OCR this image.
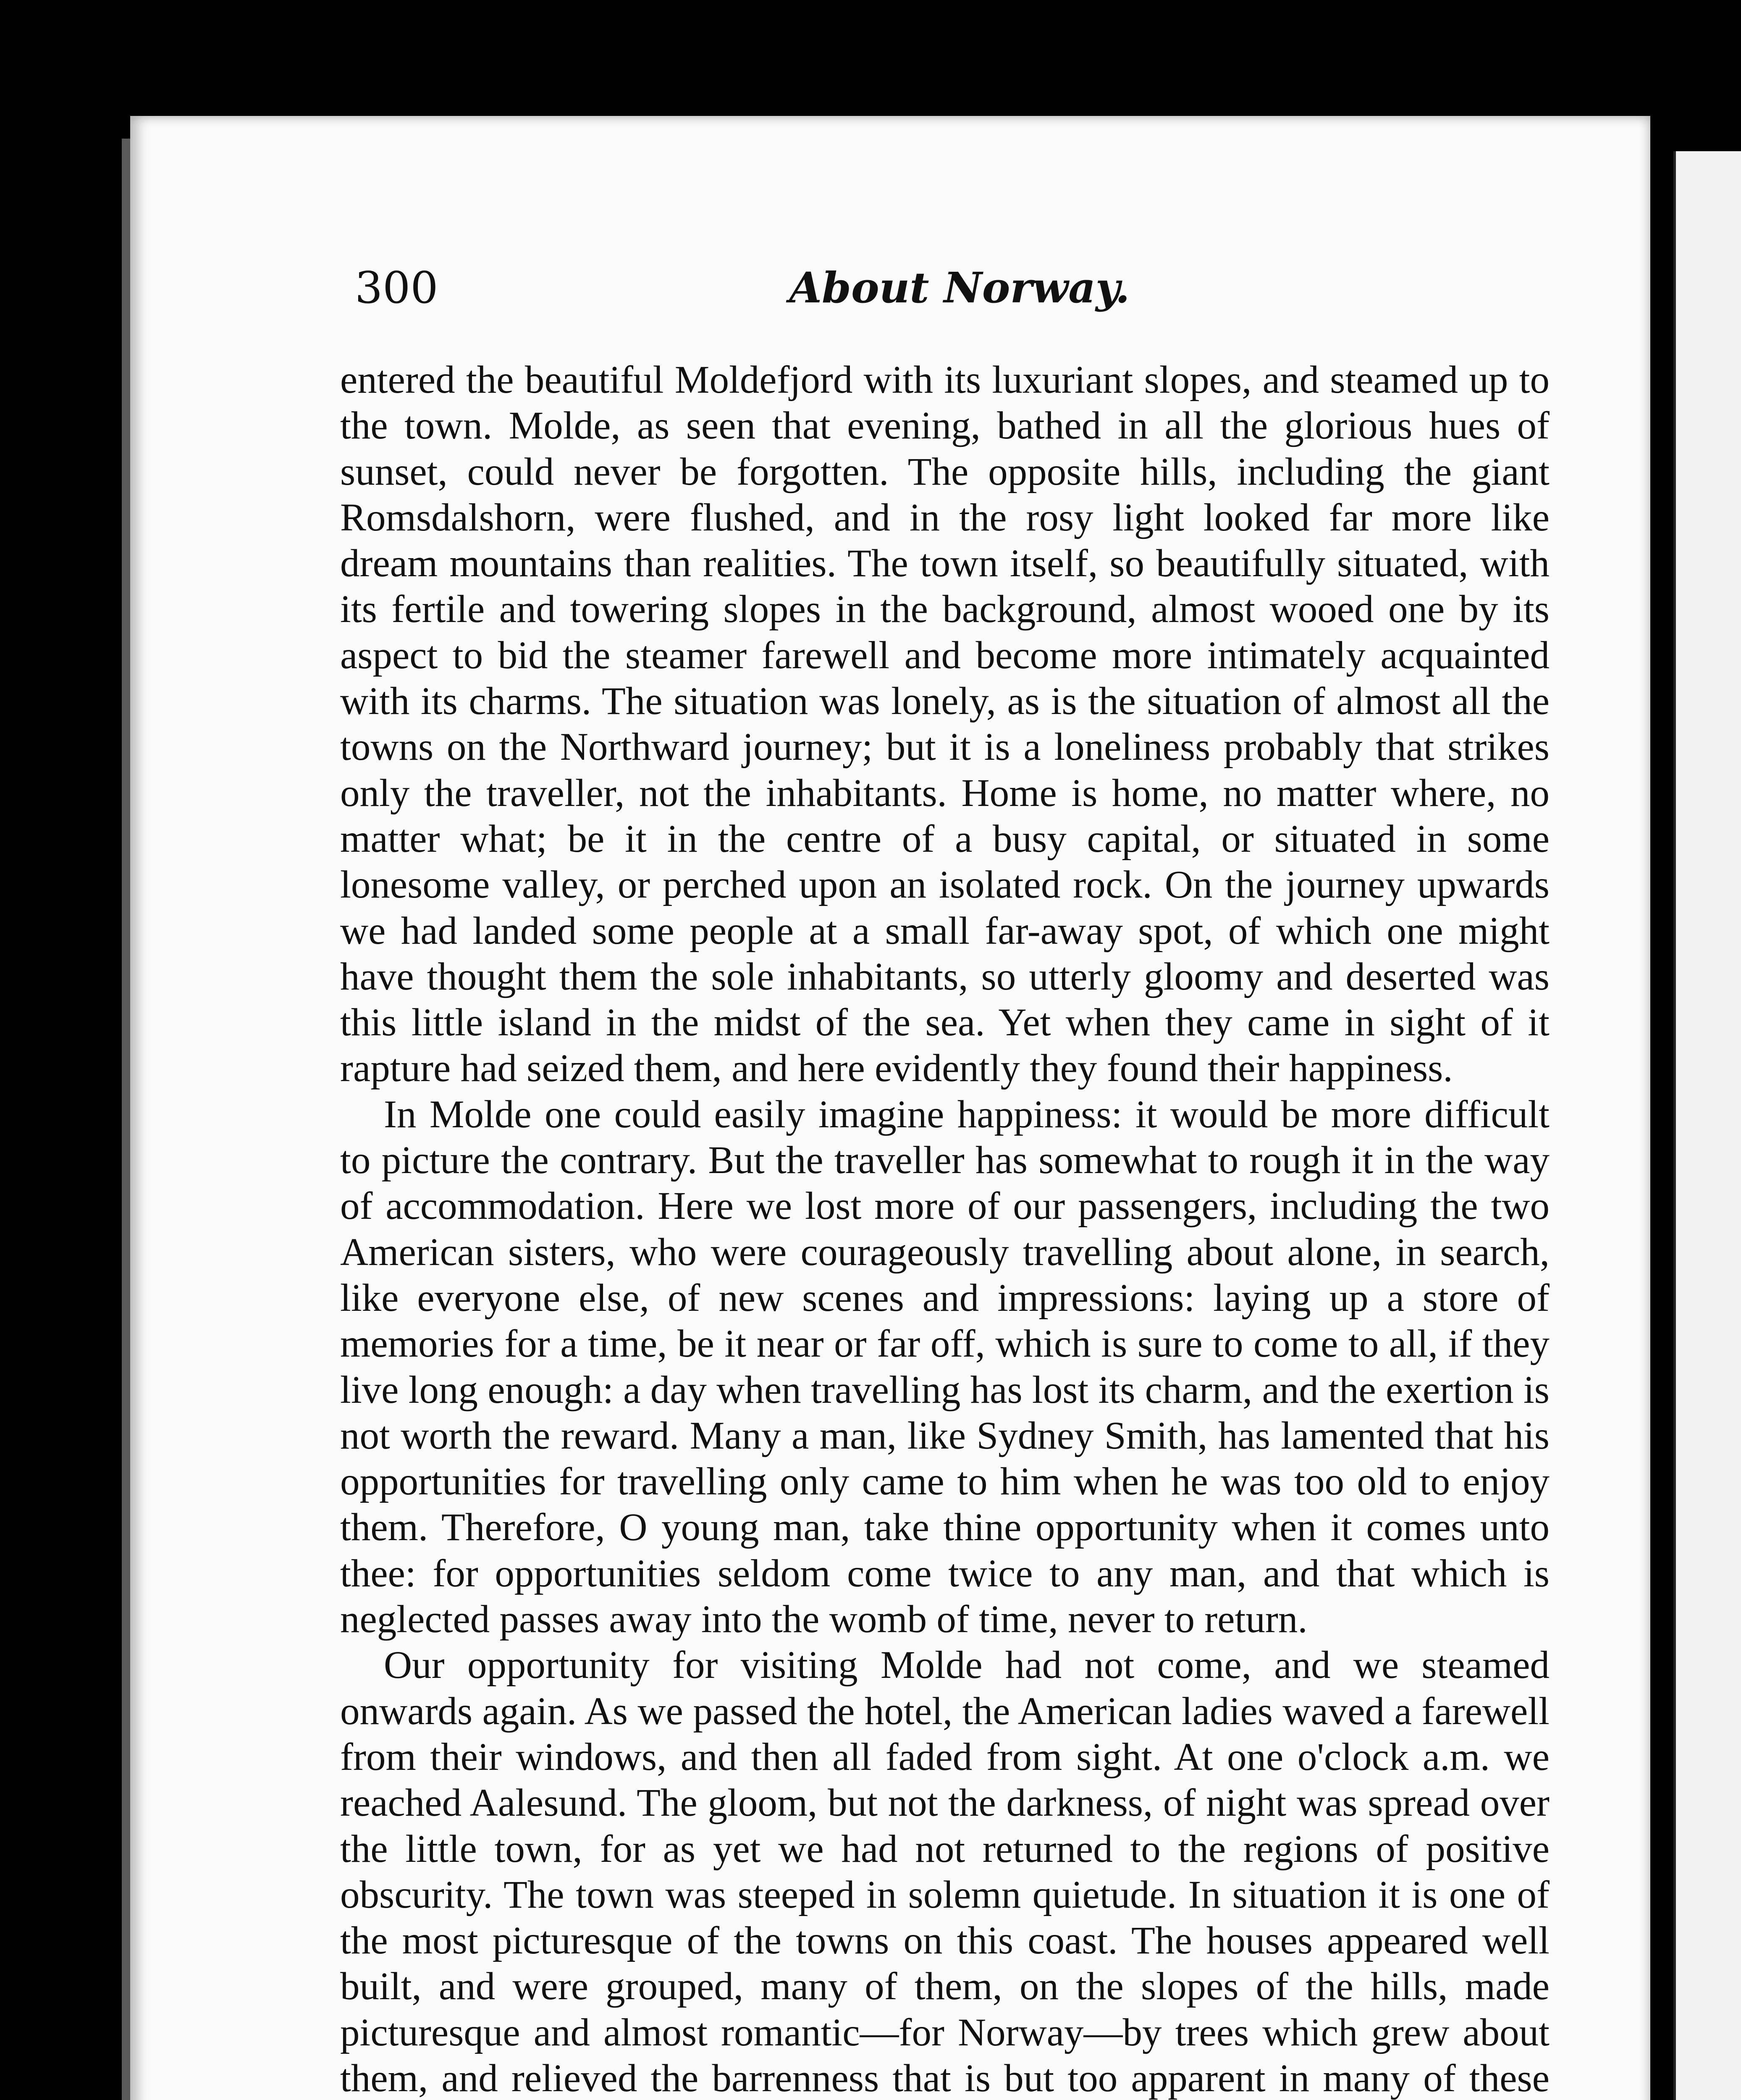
300	About Norway.

entered the beautiful Moldefjord with its luxuriant slopes, and steamed up to the town. Molde, as seen that evening, bathed in all the glorious hues of sunset, could never be forgotten. The opposite hills, including the giant Romsdalshorn, were flushed, and in the rosy light looked far more like dream mountains than realities. The town itself, so beautifully situated, with its fertile and towering slopes in the background, almost wooed one by its aspect to bid the steamer farewell and become more intimately acquainted with its charms. The situation was lonely, as is the situation of almost all the towns on the Northward journey; but it is a loneliness probably that strikes only the traveller, not the inhabitants. Home is home, no matter where, no matter what; be it in the centre of a busy capital, or situated in some lonesome valley, or perched upon an isolated rock. On the journey upwards we had landed some people at a small far-away spot, of which one might have thought them the sole inhabitants, so utterly gloomy and deserted was this little island in the midst of the sea. Yet when they came in sight of it rapture had seized them, and here evidently they found their happiness.

In Molde one could easily imagine happiness: it would be more difficult to picture the contrary. But the traveller has somewhat to rough it in the way of accommodation. Here we lost more of our passengers, including the two American sisters, who were courageously travelling about alone, in search, like everyone else, of new scenes and impressions: laying up a store of memories for a time, be it near or far off, which is sure to come to all, if they live long enough: a day when travelling has lost its charm, and the exertion is not worth the reward. Many a man, like Sydney Smith, has lamented that his opportunities for travelling only came to him when he was too old to enjoy them. Therefore, O young man, take thine opportunity when it comes unto thee: for opportunities seldom come twice to any man, and that which is neglected passes away into the womb of time, never to return.

Our opportunity for visiting Molde had not come, and we steamed onwards again. As we passed the hotel, the American ladies waved a farewell from their windows, and then all faded from sight. At one o'clock a.m. we reached Aalesund. The gloom, but not the darkness, of night was spread over the little town, for as yet we had not returned to the regions of positive obscurity. The town was steeped in solemn quietude. In situation it is one of the most picturesque of the towns on this coast. The houses appeared well built, and were grouped, many of them, on the slopes of the hills, made picturesque and almost romantic—for Norway—by trees which grew about them, and relieved the barrenness that is but too apparent in many of these
